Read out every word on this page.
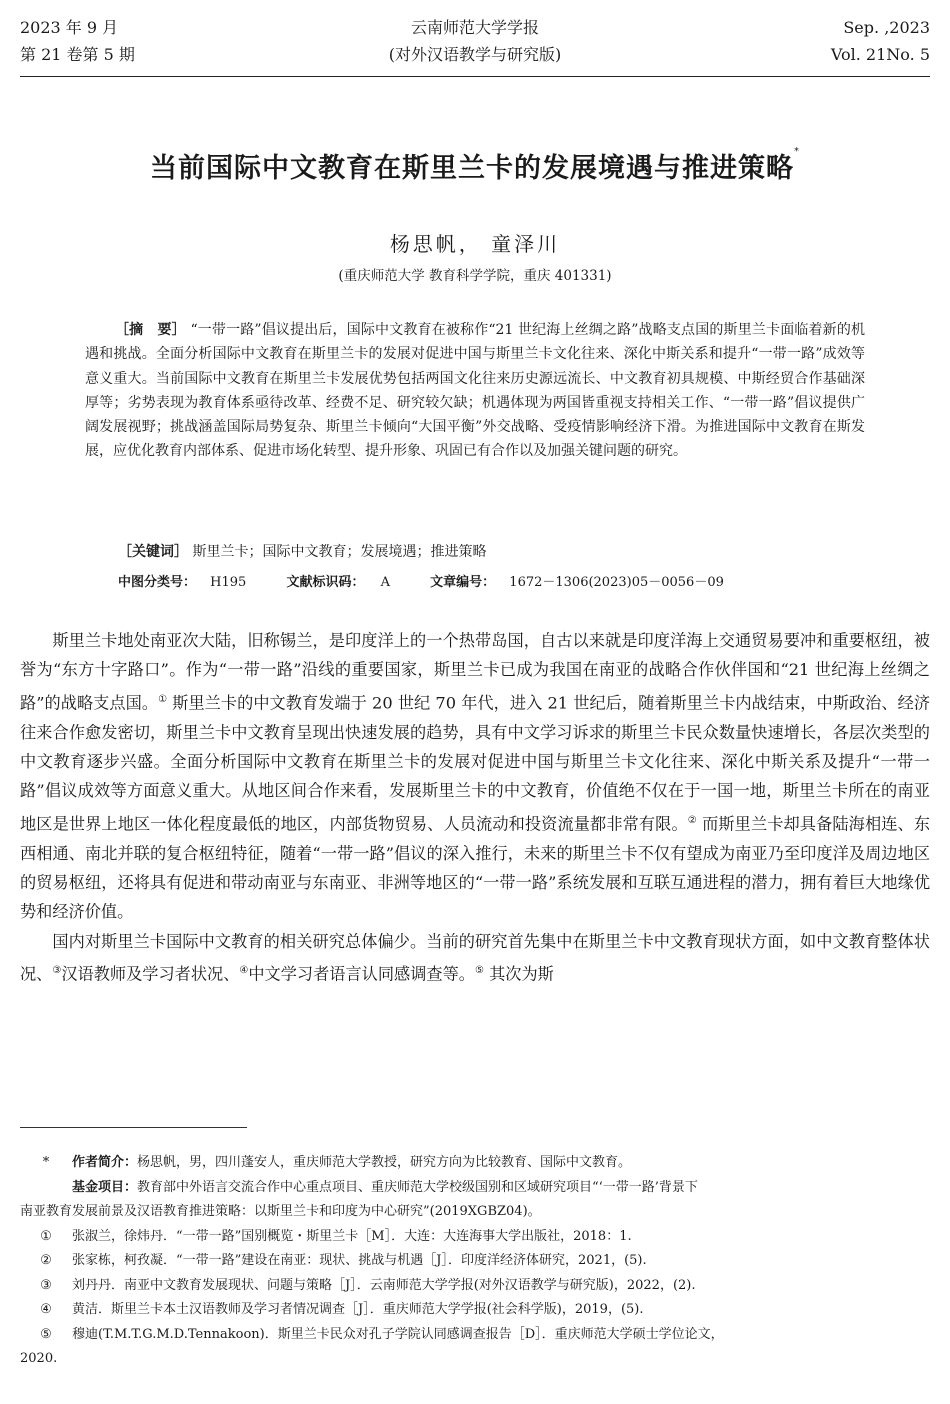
2023 年 9 月
第 21 卷第 5 期
云南师范大学学报
(对外汉语教学与研究版)
Sep. ,2023
Vol. 21No. 5
当前国际中文教育在斯里兰卡的发展境遇与推进策略*
杨思帆， 童泽川
(重庆师范大学 教育科学学院，重庆 401331)
［摘　要］ “一带一路”倡议提出后，国际中文教育在被称作“21 世纪海上丝绸之路”战略支点国的斯里兰卡面临着新的机遇和挑战。全面分析国际中文教育在斯里兰卡的发展对促进中国与斯里兰卡文化往来、深化中斯关系和提升“一带一路”成效等意义重大。当前国际中文教育在斯里兰卡发展优势包括两国文化往来历史源远流长、中文教育初具规模、中斯经贸合作基础深厚等；劣势表现为教育体系亟待改革、经费不足、研究较欠缺；机遇体现为两国皆重视支持相关工作、“一带一路”倡议提供广阔发展视野；挑战涵盖国际局势复杂、斯里兰卡倾向“大国平衡”外交战略、受疫情影响经济下滑。为推进国际中文教育在斯发展，应优化教育内部体系、促进市场化转型、提升形象、巩固已有合作以及加强关键问题的研究。
［关键词］ 斯里兰卡；国际中文教育；发展境遇；推进策略
中图分类号： H195	文献标识码： A	文章编号： 1672－1306(2023)05－0056－09

斯里兰卡地处南亚次大陆，旧称锡兰，是印度洋上的一个热带岛国，自古以来就是印度洋海上交通贸易要冲和重要枢纽，被誉为“东方十字路口”。作为“一带一路”沿线的重要国家，斯里兰卡已成为我国在南亚的战略合作伙伴国和“21 世纪海上丝绸之路”的战略支点国。① 斯里兰卡的中文教育发端于 20 世纪 70 年代，进入 21 世纪后，随着斯里兰卡内战结束，中斯政治、经济往来合作愈发密切，斯里兰卡中文教育呈现出快速发展的趋势，具有中文学习诉求的斯里兰卡民众数量快速增长，各层次类型的中文教育逐步兴盛。全面分析国际中文教育在斯里兰卡的发展对促进中国与斯里兰卡文化往来、深化中斯关系及提升“一带一路”倡议成效等方面意义重大。从地区间合作来看，发展斯里兰卡的中文教育，价值绝不仅在于一国一地，斯里兰卡所在的南亚地区是世界上地区一体化程度最低的地区，内部货物贸易、人员流动和投资流量都非常有限。② 而斯里兰卡却具备陆海相连、东西相通、南北并联的复合枢纽特征，随着“一带一路”倡议的深入推行，未来的斯里兰卡不仅有望成为南亚乃至印度洋及周边地区的贸易枢纽，还将具有促进和带动南亚与东南亚、非洲等地区的“一带一路”系统发展和互联互通进程的潜力，拥有着巨大地缘优势和经济价值。

国内对斯里兰卡国际中文教育的相关研究总体偏少。当前的研究首先集中在斯里兰卡中文教育现状方面，如中文教育整体状况、③汉语教师及学习者状况、④中文学习者语言认同感调查等。⑤ 其次为斯

* 作者简介：杨思帆，男，四川蓬安人，重庆师范大学教授，研究方向为比较教育、国际中文教育。
基金项目：教育部中外语言交流合作中心重点项目、重庆师范大学校级国别和区域研究项目“‘一带一路’背景下
南亚教育发展前景及汉语教育推进策略：以斯里兰卡和印度为中心研究”(2019XGBZ04)。
① 张淑兰，徐炜丹．“一带一路”国别概览・斯里兰卡［M］．大连：大连海事大学出版社，2018：1.
② 张家栋，柯孜凝．“一带一路”建设在南亚：现状、挑战与机遇［J］．印度洋经济体研究，2021，(5).
③ 刘丹丹．南亚中文教育发展现状、问题与策略［J］．云南师范大学学报(对外汉语教学与研究版)，2022，(2).
④ 黄洁．斯里兰卡本土汉语教师及学习者情况调查［J］．重庆师范大学学报(社会科学版)，2019，(5).
⑤ 穆迪(T.M.T.G.M.D.Tennakoon)．斯里兰卡民众对孔子学院认同感调查报告［D］．重庆师范大学硕士学位论文，
2020.
